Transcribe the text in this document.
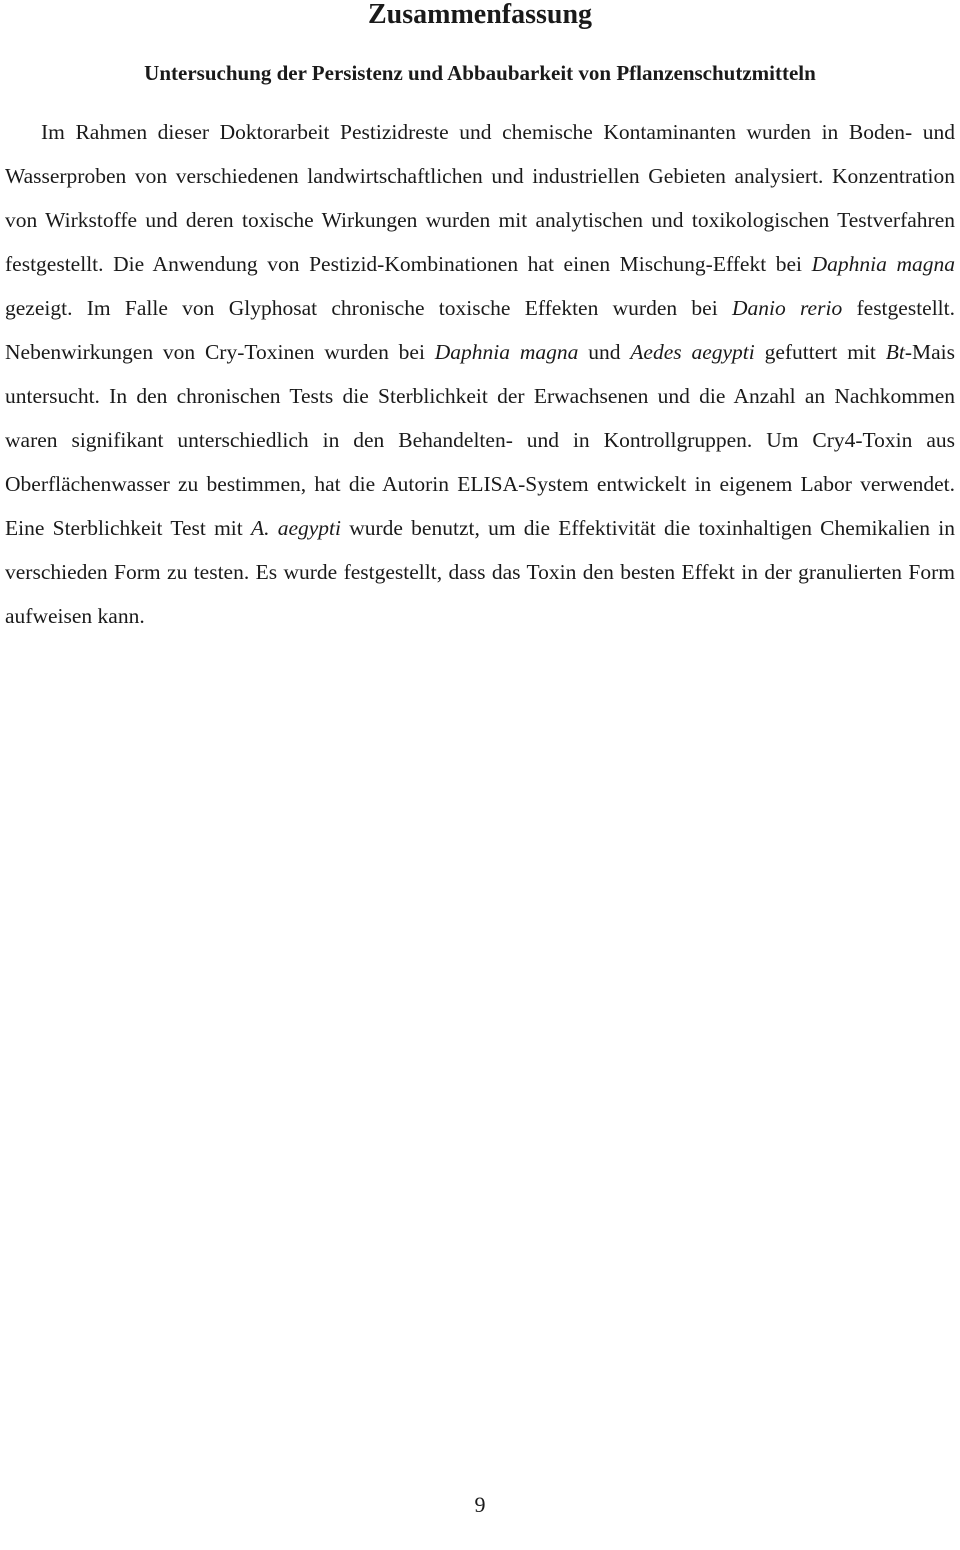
Zusammenfassung
Untersuchung der Persistenz und Abbaubarkeit von Pflanzenschutzmitteln

Im Rahmen dieser Doktorarbeit Pestizidreste und chemische Kontaminanten wurden in Boden- und Wasserproben von verschiedenen landwirtschaftlichen und industriellen Gebieten analysiert. Konzentration von Wirkstoffe und deren toxische Wirkungen wurden mit analytischen und toxikologischen Testverfahren festgestellt. Die Anwendung von Pestizid-Kombinationen hat einen Mischung-Effekt bei Daphnia magna gezeigt. Im Falle von Glyphosat chronische toxische Effekten wurden bei Danio rerio festgestellt. Nebenwirkungen von Cry-Toxinen wurden bei Daphnia magna und Aedes aegypti gefuttert mit Bt-Mais untersucht. In den chronischen Tests die Sterblichkeit der Erwachsenen und die Anzahl an Nachkommen waren signifikant unterschiedlich in den Behandelten- und in Kontrollgruppen. Um Cry4-Toxin aus Oberflächenwasser zu bestimmen, hat die Autorin ELISA-System entwickelt in eigenem Labor verwendet. Eine Sterblichkeit Test mit A. aegypti wurde benutzt, um die Effektivität die toxinhaltigen Chemikalien in verschieden Form zu testen. Es wurde festgestellt, dass das Toxin den besten Effekt in der granulierten Form aufweisen kann.

9
